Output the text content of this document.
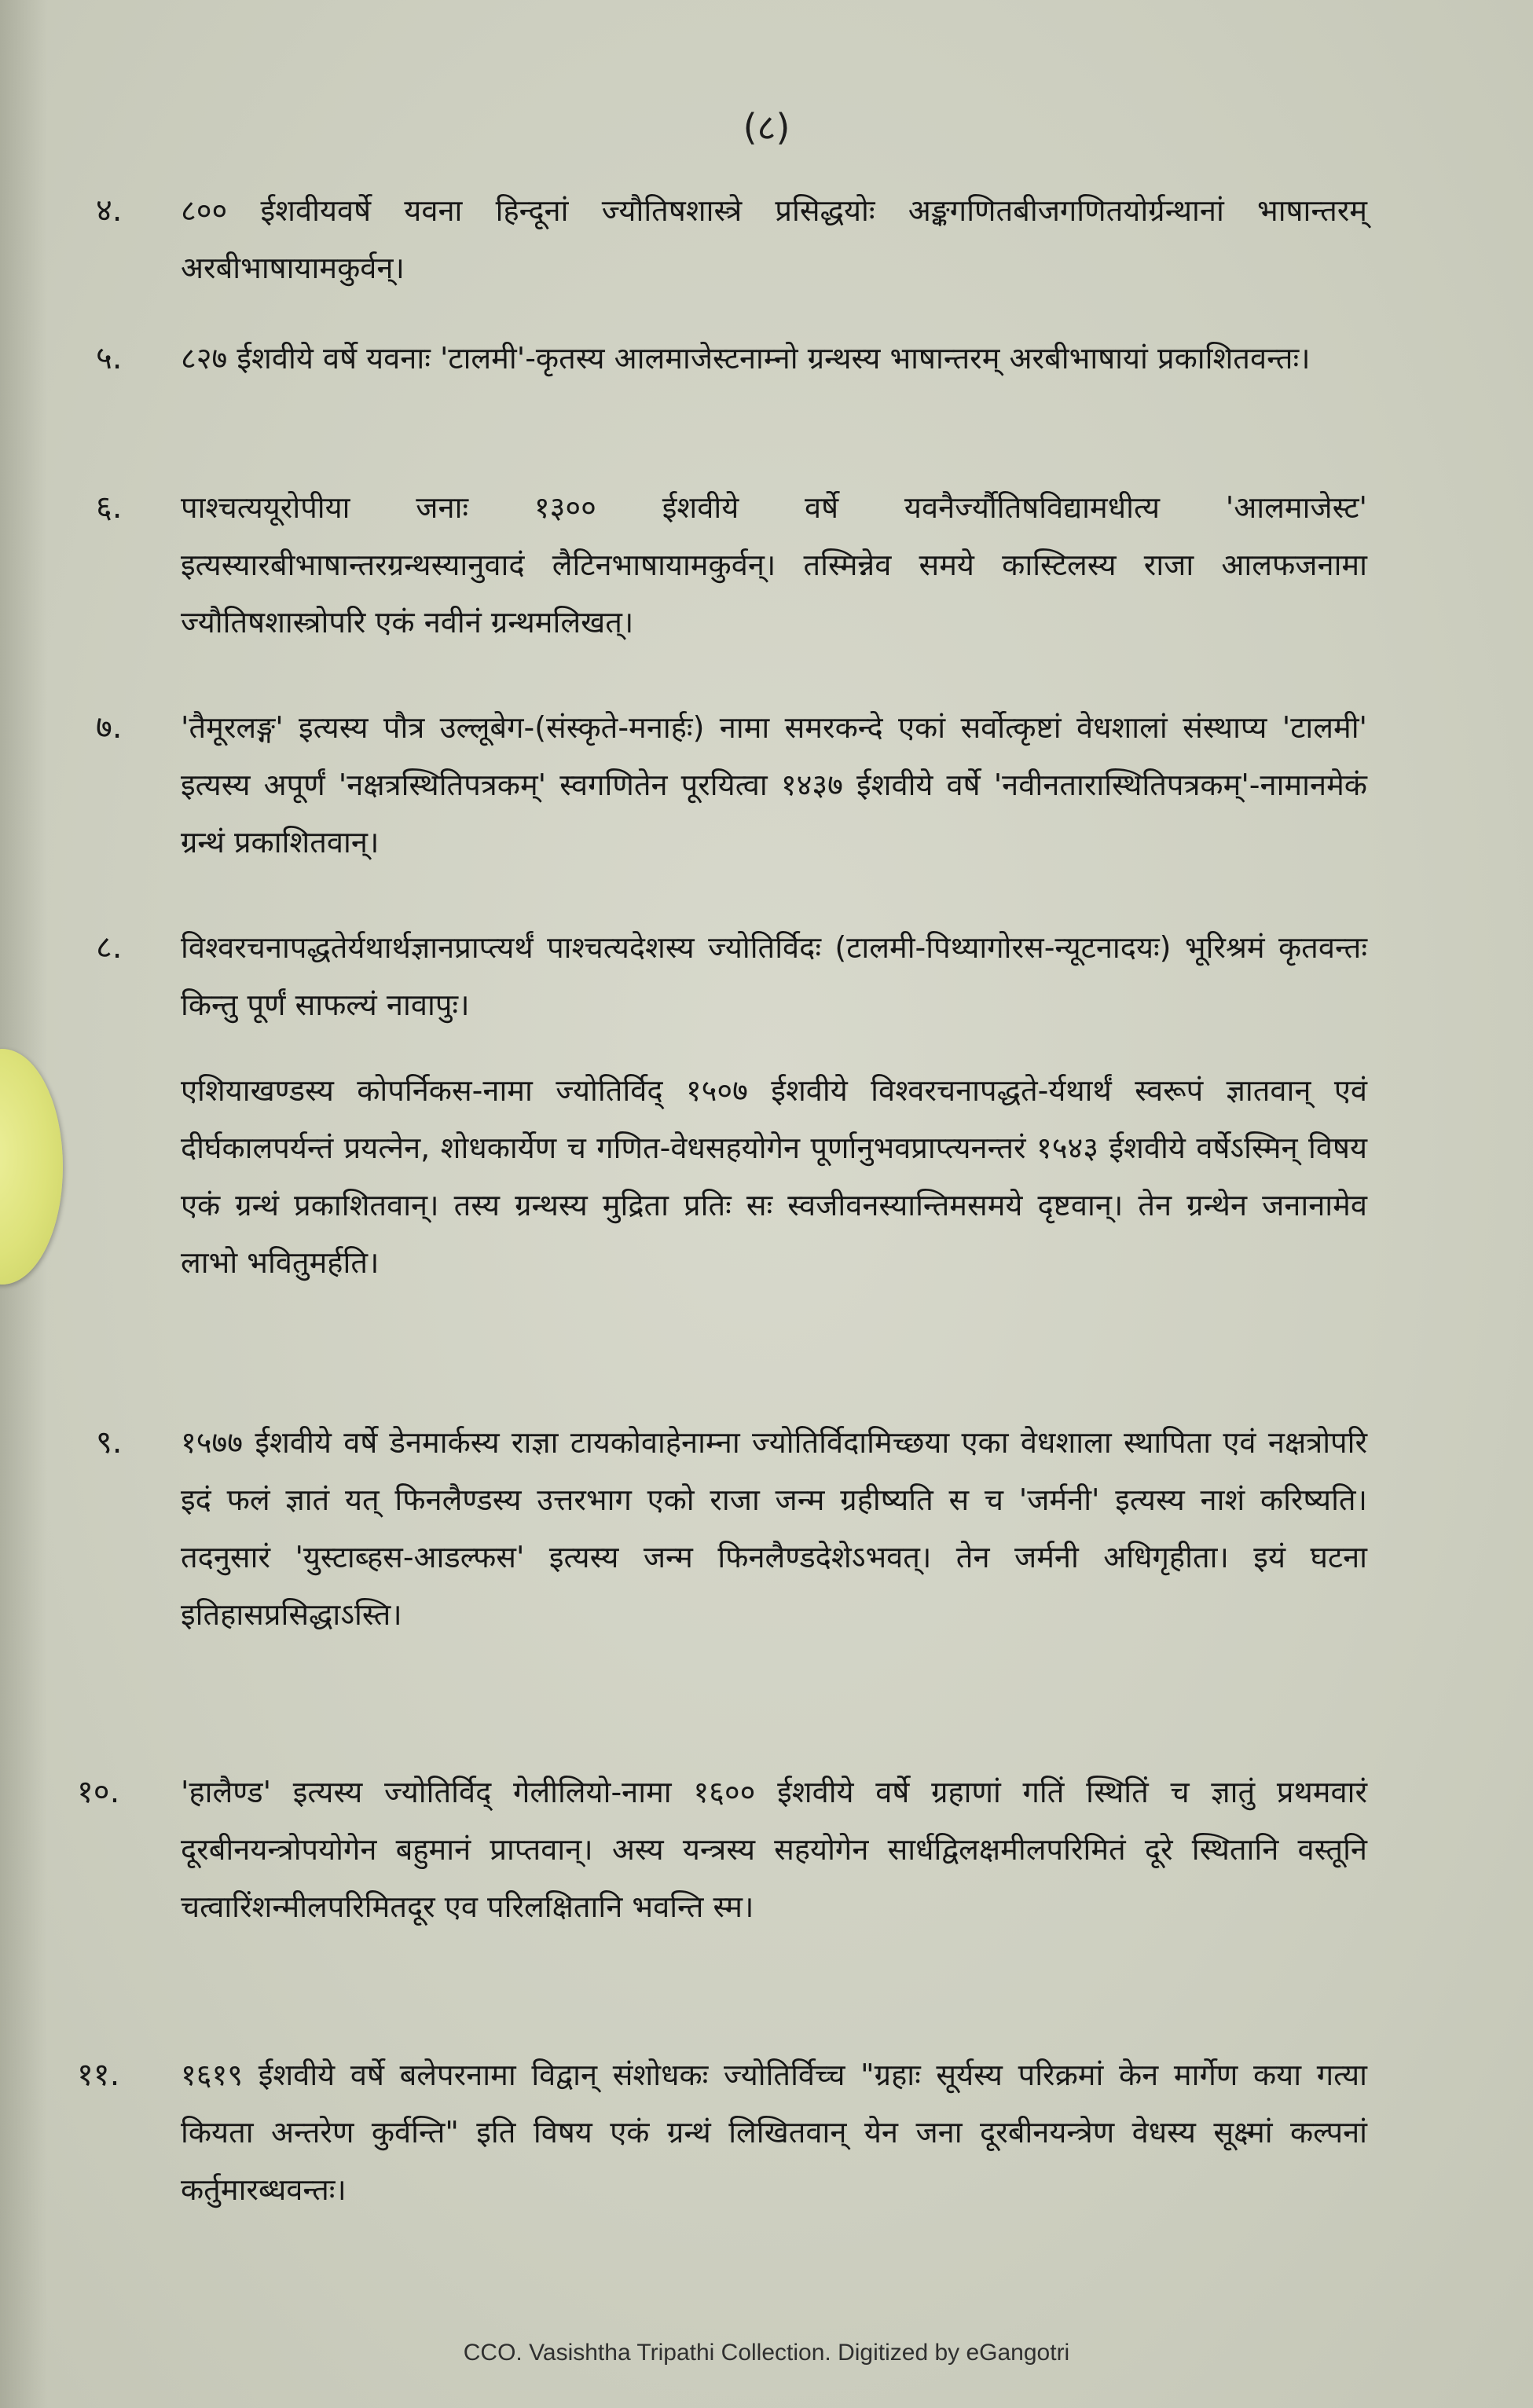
(८)
४. ८०० ईशवीयवर्षे यवना हिन्दूनां ज्यौतिषशास्त्रे प्रसिद्धयोः अङ्कगणितबीजगणितयोर्ग्रन्थानां भाषान्तरम् अरबीभाषायामकुर्वन्।

५. ८२७ ईशवीये वर्षे यवनाः 'टालमी'-कृतस्य आलमाजेस्टनाम्नो ग्रन्थस्य भाषान्तरम् अरबीभाषायां प्रकाशितवन्तः।

६. पाश्चत्ययूरोपीया जनाः १३०० ईशवीये वर्षे यवनैर्ज्यौतिषविद्यामधीत्य 'आलमाजेस्ट' इत्यस्यारबीभाषान्तरग्रन्थस्यानुवादं लैटिनभाषायामकुर्वन्। तस्मिन्नेव समये कास्टिलस्य राजा आलफजनामा ज्यौतिषशास्त्रोपरि एकं नवीनं ग्रन्थमलिखत्।

७. 'तैमूरलङ्ग' इत्यस्य पौत्र उल्लूबेग-(संस्कृते-मनार्हः) नामा समरकन्दे एकां सर्वोत्कृष्टां वेधशालां संस्थाप्य 'टालमी' इत्यस्य अपूर्णं 'नक्षत्रस्थितिपत्रकम्' स्वगणितेन पूरयित्वा १४३७ ईशवीये वर्षे 'नवीनतारास्थितिपत्रकम्'-नामानमेकं ग्रन्थं प्रकाशितवान्।

८. विश्वरचनापद्धतेर्यथार्थज्ञानप्राप्त्यर्थं पाश्चत्यदेशस्य ज्योतिर्विदः (टालमी-पिथ्यागोरस-न्यूटनादयः) भूरिश्रमं कृतवन्तः किन्तु पूर्णं साफल्यं नावापुः।

एशियाखण्डस्य कोपर्निकस-नामा ज्योतिर्विद् १५०७ ईशवीये विश्वरचनापद्धते-र्यथार्थं स्वरूपं ज्ञातवान् एवं दीर्घकालपर्यन्तं प्रयत्नेन, शोधकार्येण च गणित-वेधसहयोगेन पूर्णानुभवप्राप्त्यनन्तरं १५४३ ईशवीये वर्षेऽस्मिन् विषय एकं ग्रन्थं प्रकाशितवान्। तस्य ग्रन्थस्य मुद्रिता प्रतिः सः स्वजीवनस्यान्तिमसमये दृष्टवान्। तेन ग्रन्थेन जनानामेव लाभो भवितुमर्हति।

९. १५७७ ईशवीये वर्षे डेनमार्कस्य राज्ञा टायकोवाहेनाम्ना ज्योतिर्विदामिच्छया एका वेधशाला स्थापिता एवं नक्षत्रोपरि इदं फलं ज्ञातं यत् फिनलैण्डस्य उत्तरभाग एको राजा जन्म ग्रहीष्यति स च 'जर्मनी' इत्यस्य नाशं करिष्यति। तदनुसारं 'युस्टाब्हस-आडल्फस' इत्यस्य जन्म फिनलैण्डदेशेऽभवत्। तेन जर्मनी अधिगृहीता। इयं घटना इतिहासप्रसिद्धाऽस्ति।

१०. 'हालैण्ड' इत्यस्य ज्योतिर्विद् गेलीलियो-नामा १६०० ईशवीये वर्षे ग्रहाणां गतिं स्थितिं च ज्ञातुं प्रथमवारं दूरबीनयन्त्रोपयोगेन बहुमानं प्राप्तवान्। अस्य यन्त्रस्य सहयोगेन सार्धद्विलक्षमीलपरिमितं दूरे स्थितानि वस्तूनि चत्वारिंशन्मीलपरिमितदूर एव परिलक्षितानि भवन्ति स्म।

११. १६१९ ईशवीये वर्षे बलेपरनामा विद्वान् संशोधकः ज्योतिर्विच्च "ग्रहाः सूर्यस्य परिक्रमां केन मार्गेण कया गत्या कियता अन्तरेण कुर्वन्ति" इति विषय एकं ग्रन्थं लिखितवान् येन जना दूरबीनयन्त्रेण वेधस्य सूक्ष्मां कल्पनां कर्तुमारब्धवन्तः।

CCO. Vasishtha Tripathi Collection. Digitized by eGangotri
